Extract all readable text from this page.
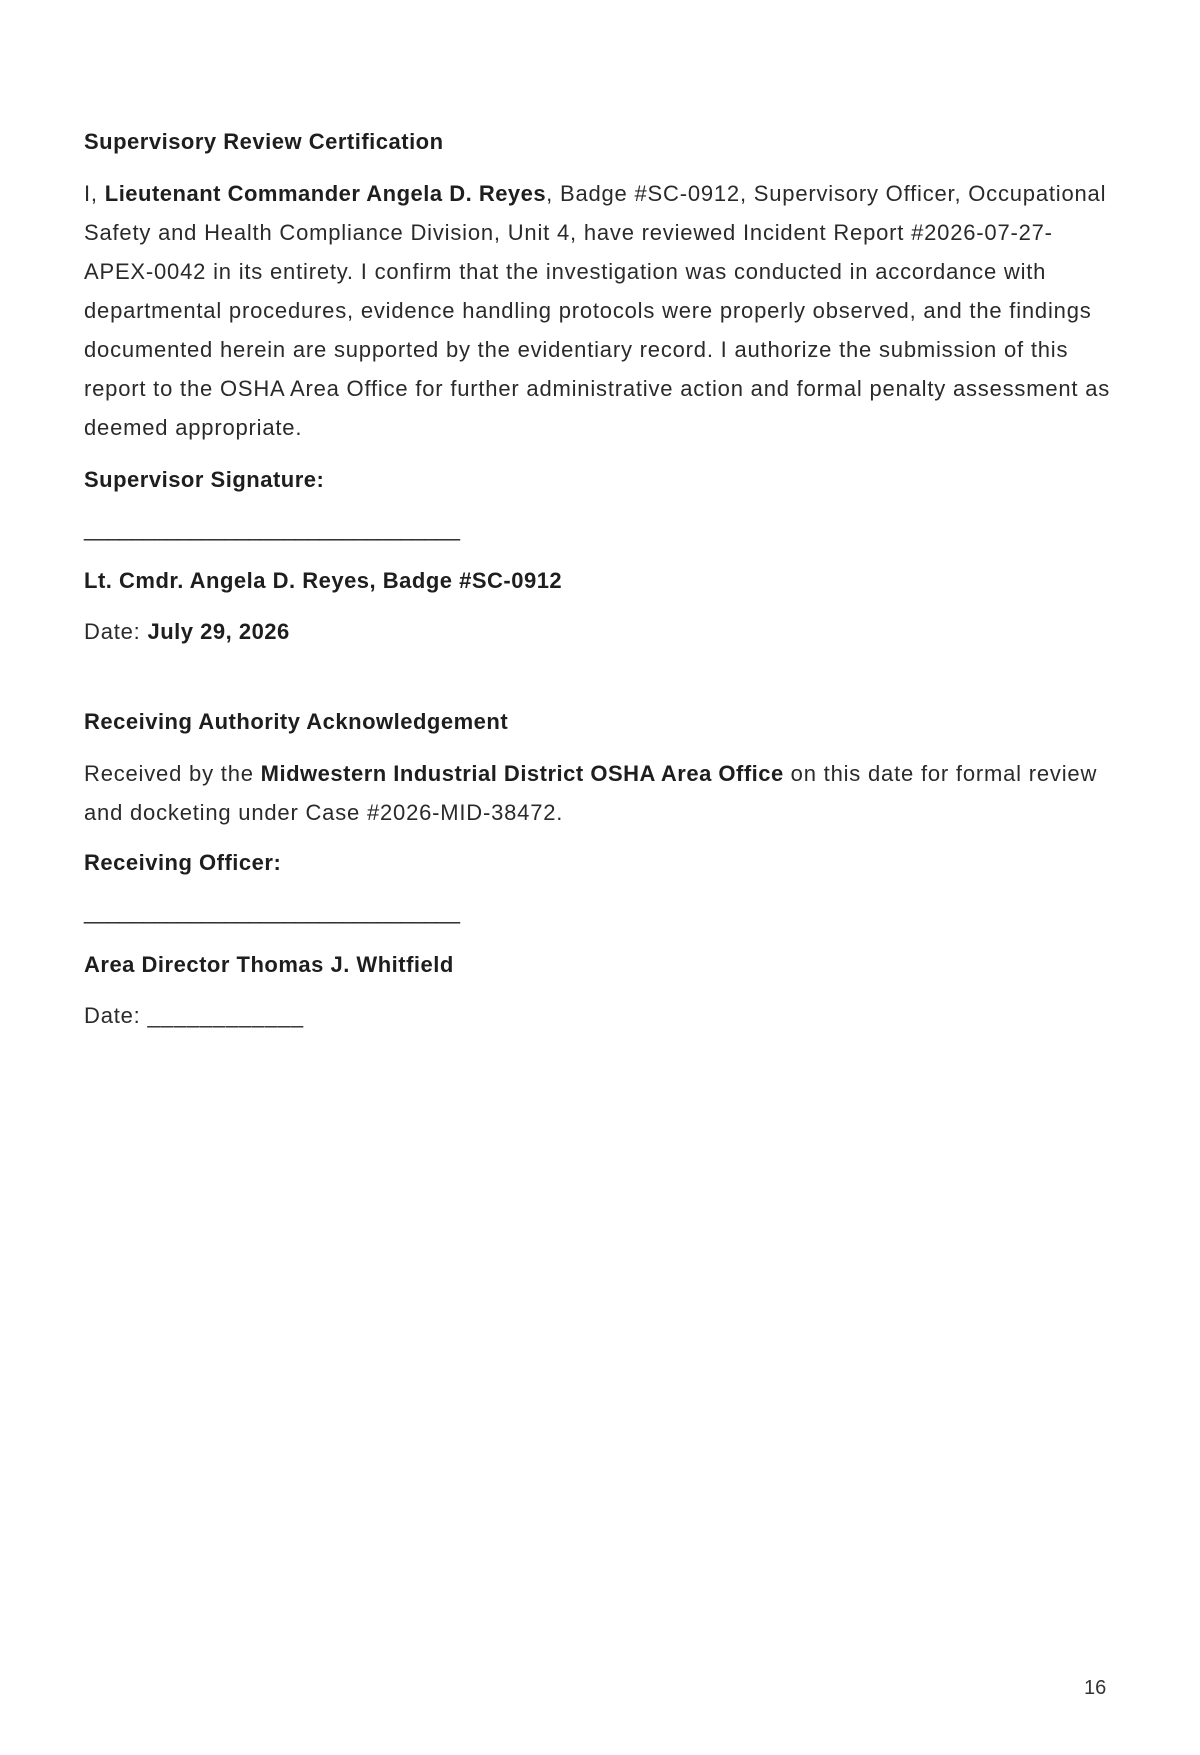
Supervisory Review Certification

I, Lieutenant Commander Angela D. Reyes, Badge #SC-0912, Supervisory Officer, Occupational Safety and Health Compliance Division, Unit 4, have reviewed Incident Report #2026-07-27-APEX-0042 in its entirety. I confirm that the investigation was conducted in accordance with departmental procedures, evidence handling protocols were properly observed, and the findings documented herein are supported by the evidentiary record. I authorize the submission of this report to the OSHA Area Office for further administrative action and formal penalty assessment as deemed appropriate.

Supervisor Signature:
________________________________
Lt. Cmdr. Angela D. Reyes, Badge #SC-0912
Date: July 29, 2026
Receiving Authority Acknowledgement

Received by the Midwestern Industrial District OSHA Area Office on this date for formal review and docketing under Case #2026-MID-38472.

Receiving Officer:
________________________________
Area Director Thomas J. Whitfield
Date: ____________
16
